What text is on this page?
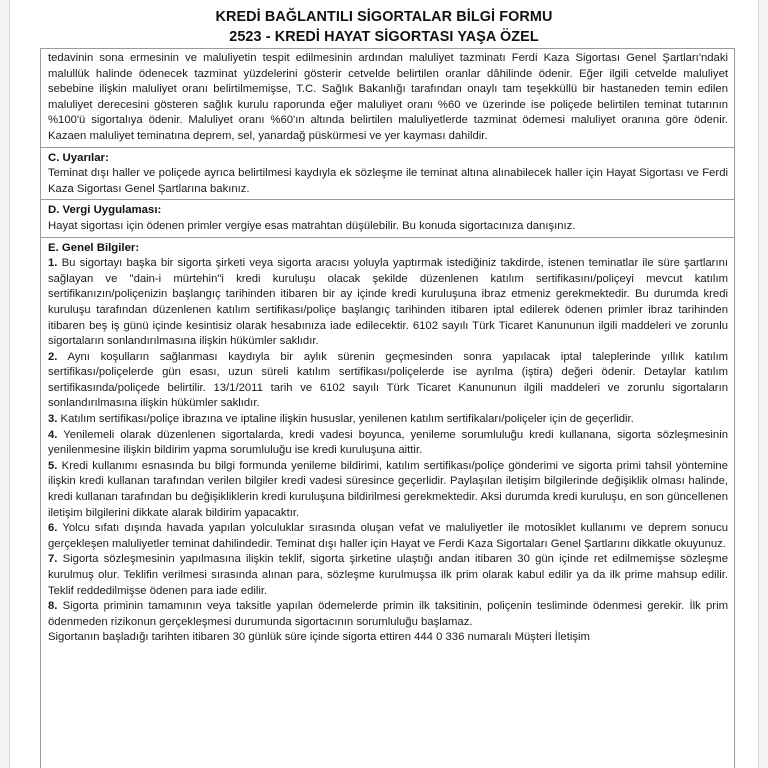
KREDİ BAĞLANTILI SİGORTALAR BİLGİ FORMU
2523 - KREDİ HAYAT SİGORTASI YAŞA ÖZEL

tedavinin sona ermesinin ve maluliyetin tespit edilmesinin ardından maluliyet tazminatı Ferdi Kaza Sigortası Genel Şartları'ndaki malullük halinde ödenecek tazminat yüzdelerini gösterir cetvelde belirtilen oranlar dâhilinde ödenir. Eğer ilgili cetvelde maluliyet sebebine ilişkin maluliyet oranı belirtilmemişse, T.C. Sağlık Bakanlığı tarafından onaylı tam teşekküllü bir hastaneden temin edilen maluliyet derecesini gösteren sağlık kurulu raporunda eğer maluliyet oranı %60 ve üzerinde ise poliçede belirtilen teminat tutarının %100'ü sigortalıya ödenir. Maluliyet oranı %60'ın altında belirtilen maluliyetlerde tazminat ödemesi maluliyet oranına göre ödenir. Kazaen maluliyet teminatına deprem, sel, yanardağ püskürmesi ve yer kayması dahildir.

C. Uyarılar:

Teminat dışı haller ve poliçede ayrıca belirtilmesi kaydıyla ek sözleşme ile teminat altına alınabilecek haller için Hayat Sigortası ve Ferdi Kaza Sigortası Genel Şartlarına bakınız.

D. Vergi Uygulaması:

Hayat sigortası için ödenen primler vergiye esas matrahtan düşülebilir. Bu konuda sigortacınıza danışınız.

E. Genel Bilgiler:

1. Bu sigortayı başka bir sigorta şirketi veya sigorta aracısı yoluyla yaptırmak istediğiniz takdirde, istenen teminatlar ile süre şartlarını sağlayan ve "dain-i mürtehin"i kredi kuruluşu olacak şekilde düzenlenen katılım sertifikasını/poliçeyi mevcut katılım sertifikanızın/poliçenizin başlangıç tarihinden itibaren bir ay içinde kredi kuruluşuna ibraz etmeniz gerekmektedir. Bu durumda kredi kuruluşu tarafından düzenlenen katılım sertifikası/poliçe başlangıç tarihinden itibaren iptal edilerek ödenen primler ibraz tarihinden itibaren beş iş günü içinde kesintisiz olarak hesabınıza iade edilecektir. 6102 sayılı Türk Ticaret Kanununun ilgili maddeleri ve zorunlu sigortaların sonlandırılmasına ilişkin hükümler saklıdır.

2. Aynı koşulların sağlanması kaydıyla bir aylık sürenin geçmesinden sonra yapılacak iptal taleplerinde yıllık katılım sertifikası/poliçelerde gün esası, uzun süreli katılım sertifikası/poliçelerde ise ayrılma (iştira) değeri ödenir. Detaylar katılım sertifikasında/poliçede belirtilir. 13/1/2011 tarih ve 6102 sayılı Türk Ticaret Kanununun ilgili maddeleri ve zorunlu sigortaların sonlandırılmasına ilişkin hükümler saklıdır.

3. Katılım sertifikası/poliçe ibrazına ve iptaline ilişkin hususlar, yenilenen katılım sertifikaları/poliçeler için de geçerlidir.

4. Yenilemeli olarak düzenlenen sigortalarda, kredi vadesi boyunca, yenileme sorumluluğu kredi kullanana, sigorta sözleşmesinin yenilenmesine ilişkin bildirim yapma sorumluluğu ise kredi kuruluşuna aittir.

5. Kredi kullanımı esnasında bu bilgi formunda yenileme bildirimi, katılım sertifikası/poliçe gönderimi ve sigorta primi tahsil yöntemine ilişkin kredi kullanan tarafından verilen bilgiler kredi vadesi süresince geçerlidir. Paylaşılan iletişim bilgilerinde değişiklik olması halinde, kredi kullanan tarafından bu değişikliklerin kredi kuruluşuna bildirilmesi gerekmektedir. Aksi durumda kredi kuruluşu, en son güncellenen iletişim bilgilerini dikkate alarak bildirim yapacaktır.

6. Yolcu sıfatı dışında havada yapılan yolculuklar sırasında oluşan vefat ve maluliyetler ile motosiklet kullanımı ve deprem sonucu gerçekleşen maluliyetler teminat dahilindedir. Teminat dışı haller için Hayat ve Ferdi Kaza Sigortaları Genel Şartlarını dikkatle okuyunuz.

7. Sigorta sözleşmesinin yapılmasına ilişkin teklif, sigorta şirketine ulaştığı andan itibaren 30 gün içinde ret edilmemişse sözleşme kurulmuş olur. Teklifin verilmesi sırasında alınan para, sözleşme kurulmuşsa ilk prim olarak kabul edilir ya da ilk prime mahsup edilir. Teklif reddedilmişse ödenen para iade edilir.

8. Sigorta priminin tamamının veya taksitle yapılan ödemelerde primin ilk taksitinin, poliçenin tesliminde ödenmesi gerekir. İlk prim ödenmeden rizikonun gerçekleşmesi durumunda sigortacının sorumluluğu başlamaz.

Sigortanın başladığı tarihten itibaren 30 günlük süre içinde sigorta ettiren 444 0 336 numaralı Müşteri İletişim
